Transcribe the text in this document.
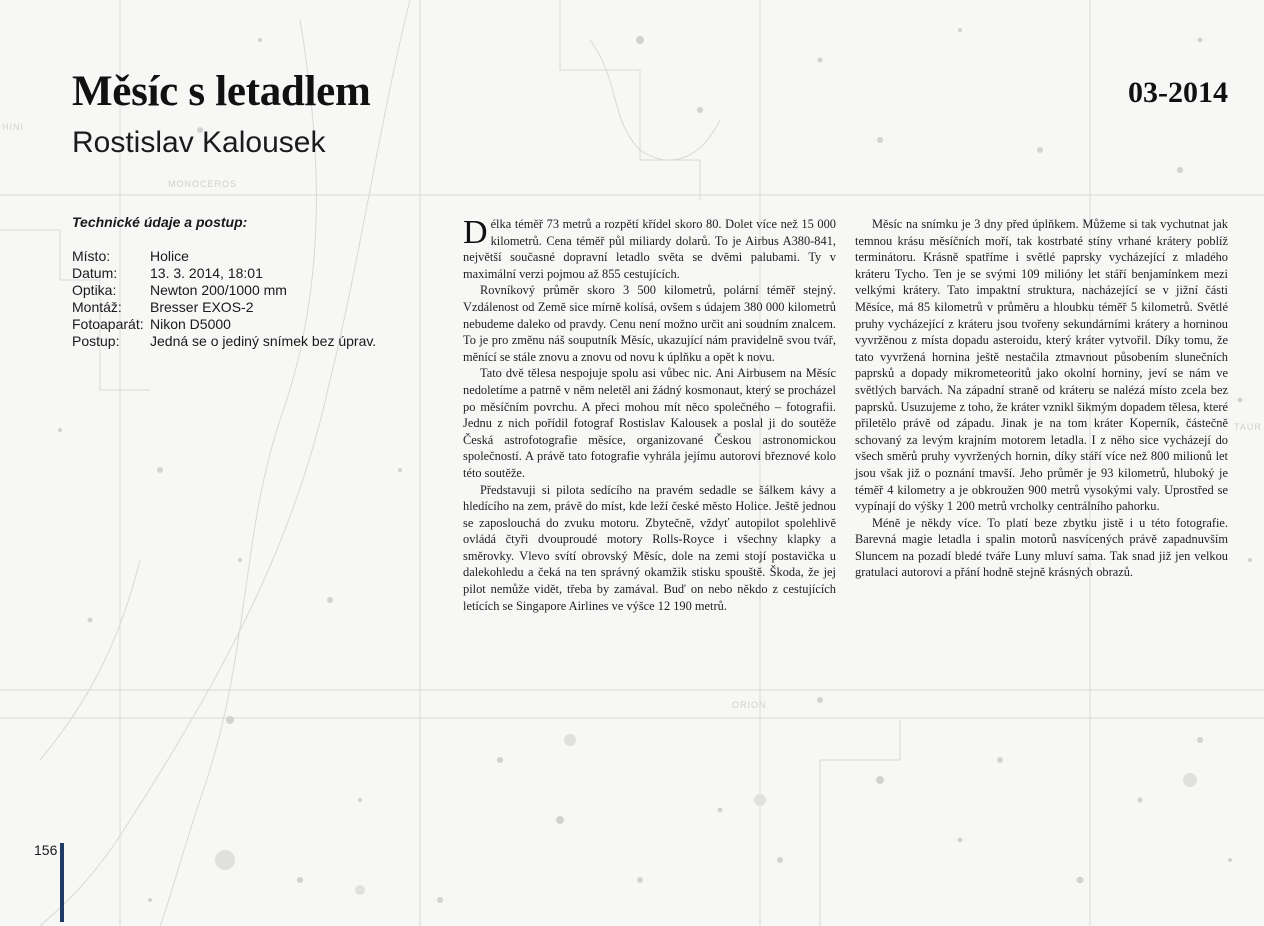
MONOCEROS
ORION
HINI
TAUR
Měsíc s letadlem
Rostislav Kalousek
03-2014
Technické údaje a postup:
Místo:	Holice
Datum:	13. 3. 2014, 18:01
Optika:	Newton 200/1000 mm
Montáž:	Bresser EXOS-2
Fotoaparát: Nikon D5000
Postup:	Jedná se o jediný snímek bez úprav.

Délka téměř 73 metrů a rozpětí křídel skoro 80. Dolet více než 15 000 kilometrů. Cena téměř půl miliardy dolarů. To je Airbus A380-841, největší současné dopravní letadlo světa se dvěmi palubami. Ty v maximální verzi pojmou až 855 cestujících.

Rovníkový průměr skoro 3 500 kilometrů, polární téměř stejný. Vzdálenost od Země sice mírně kolísá, ovšem s údajem 380 000 kilometrů nebudeme daleko od pravdy. Cenu není možno určit ani soudním znalcem. To je pro změnu náš souputník Měsíc, ukazující nám pravidelně svou tvář, měnící se stále znovu a znovu od novu k úplňku a opět k novu.

Tato dvě tělesa nespojuje spolu asi vůbec nic. Ani Airbusem na Měsíc nedoletíme a patrně v něm neletěl ani žádný kosmonaut, který se procházel po měsíčním povrchu. A přeci mohou mít něco společného – fotografii. Jednu z nich pořídil fotograf Rostislav Kalousek a poslal ji do soutěže Česká astrofotografie měsíce, organizované Českou astronomickou společností. A právě tato fotografie vyhrála jejímu autorovi březnové kolo této soutěže.

Představuji si pilota sedícího na pravém sedadle se šálkem kávy a hledícího na zem, právě do míst, kde leží české město Holice. Ještě jednou se zaposlouchá do zvuku motoru. Zbytečně, vždyť autopilot spolehlivě ovládá čtyři dvouproudé motory Rolls-Royce i všechny klapky a směrovky. Vlevo svítí obrovský Měsíc, dole na zemi stojí postavička u dalekohledu a čeká na ten správný okamžik stisku spouště. Škoda, že jej pilot nemůže vidět, třeba by zamával. Buď on nebo někdo z cestujících letících se Singapore Airlines ve výšce 12 190 metrů.

Měsíc na snímku je 3 dny před úplňkem. Můžeme si tak vychutnat jak temnou krásu měsíčních moří, tak kostrbaté stíny vrhané krátery poblíž terminátoru. Krásně spatříme i světlé paprsky vycházející z mladého kráteru Tycho. Ten je se svými 109 milióny let stáří benjamínkem mezi velkými krátery. Tato impaktní struktura, nacházející se v jižní části Měsíce, má 85 kilometrů v průměru a hloubku téměř 5 kilometrů. Světlé pruhy vycházející z kráteru jsou tvořeny sekundárními krátery a horninou vyvržěnou z místa dopadu asteroidu, který kráter vytvořil. Díky tomu, že tato vyvržená hornina ještě nestačila ztmavnout působením slunečních paprsků a dopady mikrometeoritů jako okolní horniny, jeví se nám ve světlých barvách. Na západní straně od kráteru se nalézá místo zcela bez paprsků. Usuzujeme z toho, že kráter vznikl šikmým dopadem tělesa, které přiletělo právě od západu. Jinak je na tom kráter Koperník, částečně schovaný za levým krajním motorem letadla. I z něho sice vycházejí do všech směrů pruhy vyvržených hornin, díky stáří více než 800 milionů let jsou však již o poznání tmavší. Jeho průměr je 93 kilometrů, hluboký je téměř 4 kilometry a je obkroužen 900 metrů vysokými valy. Uprostřed se vypínají do výšky 1 200 metrů vrcholky centrálního pahorku.

Méně je někdy více. To platí beze zbytku jistě i u této fotografie. Barevná magie letadla i spalin motorů nasvícených právě zapadnuvším Sluncem na pozadí bledé tváře Luny mluví sama. Tak snad již jen velkou gratulaci autorovi a přání hodně stejně krásných obrazů.

156
